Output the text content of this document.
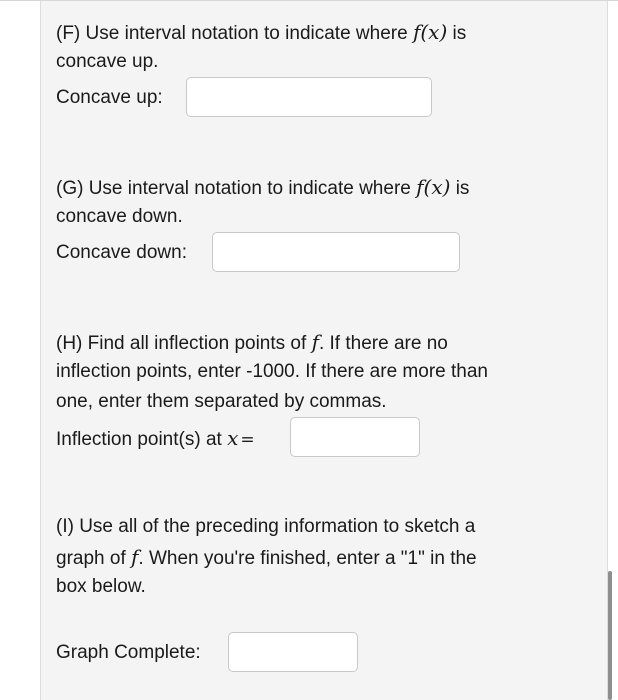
(F) Use interval notation to indicate where f(x) is
concave up.
Concave up:
(G) Use interval notation to indicate where f(x) is
concave down.
Concave down:
(H) Find all inflection points of f. If there are no
inflection points, enter -1000. If there are more than
one, enter them separated by commas.
Inflection point(s) at x =
(I) Use all of the preceding information to sketch a
graph of f. When you're finished, enter a "1" in the
box below.
Graph Complete:
